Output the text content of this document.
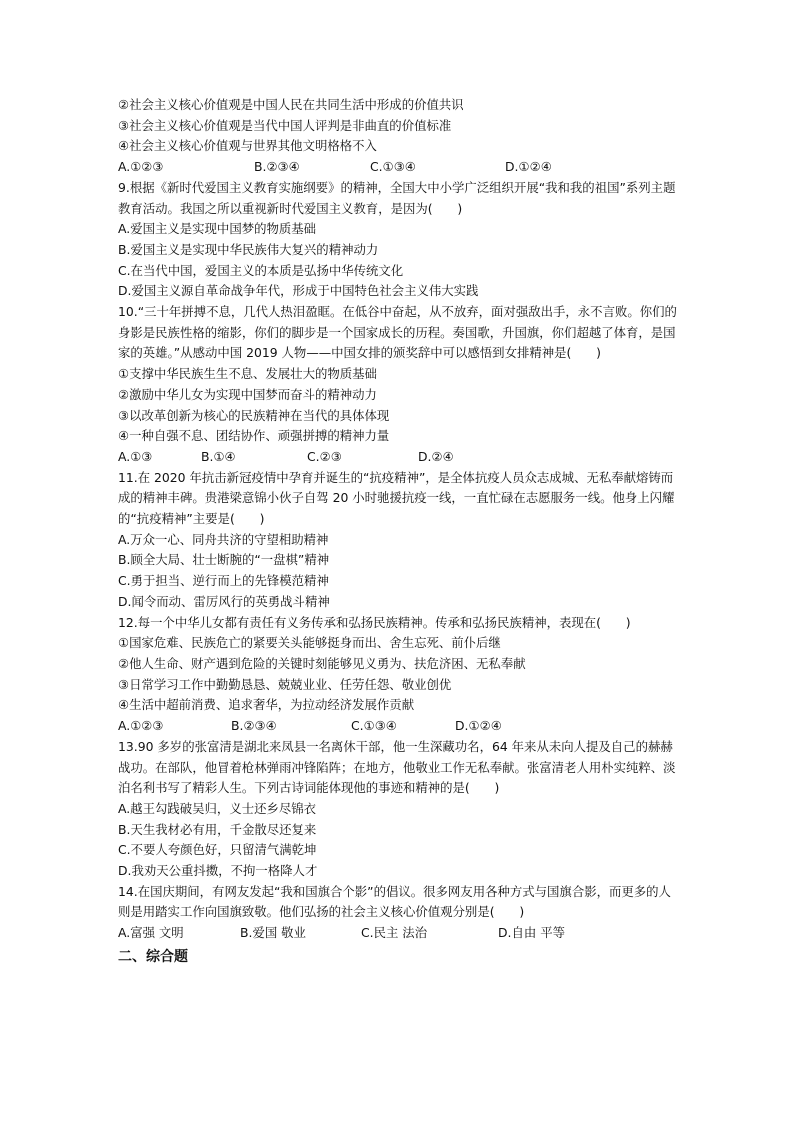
②社会主义核心价值观是中国人民在共同生活中形成的价值共识
③社会主义核心价值观是当代中国人评判是非曲直的价值标准
④社会主义核心价值观与世界其他文明格格不入
A.①②③	B.②③④	C.①③④	D.①②④
9.根据《新时代爱国主义教育实施纲要》的精神，全国大中小学广泛组织开展“我和我的祖国”系列主题教育活动。我国之所以重视新时代爱国主义教育，是因为(　　)
A.爱国主义是实现中国梦的物质基础
B.爱国主义是实现中华民族伟大复兴的精神动力
C.在当代中国，爱国主义的本质是弘扬中华传统文化
D.爱国主义源自革命战争年代，形成于中国特色社会主义伟大实践
10.“三十年拼搏不息，几代人热泪盈眶。在低谷中奋起，从不放弃，面对强敌出手，永不言败。你们的身影是民族性格的缩影，你们的脚步是一个国家成长的历程。奏国歌，升国旗，你们超越了体育，是国家的英雄。”从感动中国 2019 人物——中国女排的颁奖辞中可以感悟到女排精神是(　　)
①支撑中华民族生生不息、发展壮大的物质基础
②激励中华儿女为实现中国梦而奋斗的精神动力
③以改革创新为核心的民族精神在当代的具体体现
④一种自强不息、团结协作、顽强拼搏的精神力量
A.①③	B.①④	C.②③	D.②④
11.在 2020 年抗击新冠疫情中孕育并诞生的“抗疫精神”，是全体抗疫人员众志成城、无私奉献熔铸而成的精神丰碑。贵港梁意锦小伙子自驾 20 小时驰援抗疫一线，一直忙碌在志愿服务一线。他身上闪耀的“抗疫精神”主要是(　　)
A.万众一心、同舟共济的守望相助精神
B.顾全大局、壮士断腕的“一盘棋”精神
C.勇于担当、逆行而上的先锋模范精神
D.闻令而动、雷厉风行的英勇战斗精神
12.每一个中华儿女都有责任有义务传承和弘扬民族精神。传承和弘扬民族精神，表现在(　　)
①国家危难、民族危亡的紧要关头能够挺身而出、舍生忘死、前仆后继
②他人生命、财产遇到危险的关键时刻能够见义勇为、扶危济困、无私奉献
③日常学习工作中勤勤恳恳、兢兢业业、任劳任怨、敬业创优
④生活中超前消费、追求奢华，为拉动经济发展作贡献
A.①②③	B.②③④	C.①③④	D.①②④
13.90 多岁的张富清是湖北来凤县一名离休干部，他一生深藏功名，64 年来从未向人提及自己的赫赫战功。在部队，他冒着枪林弹雨冲锋陷阵；在地方，他敬业工作无私奉献。张富清老人用朴实纯粹、淡泊名利书写了精彩人生。下列古诗词能体现他的事迹和精神的是(　　)
A.越王勾践破吴归，义士还乡尽锦衣
B.天生我材必有用，千金散尽还复来
C.不要人夸颜色好，只留清气满乾坤
D.我劝天公重抖擞，不拘一格降人才
14.在国庆期间，有网友发起“我和国旗合个影”的倡议。很多网友用各种方式与国旗合影，而更多的人则是用踏实工作向国旗致敬。他们弘扬的社会主义核心价值观分别是(　　)
A.富强 文明	B.爱国 敬业	C.民主 法治	D.自由 平等
二、综合题
